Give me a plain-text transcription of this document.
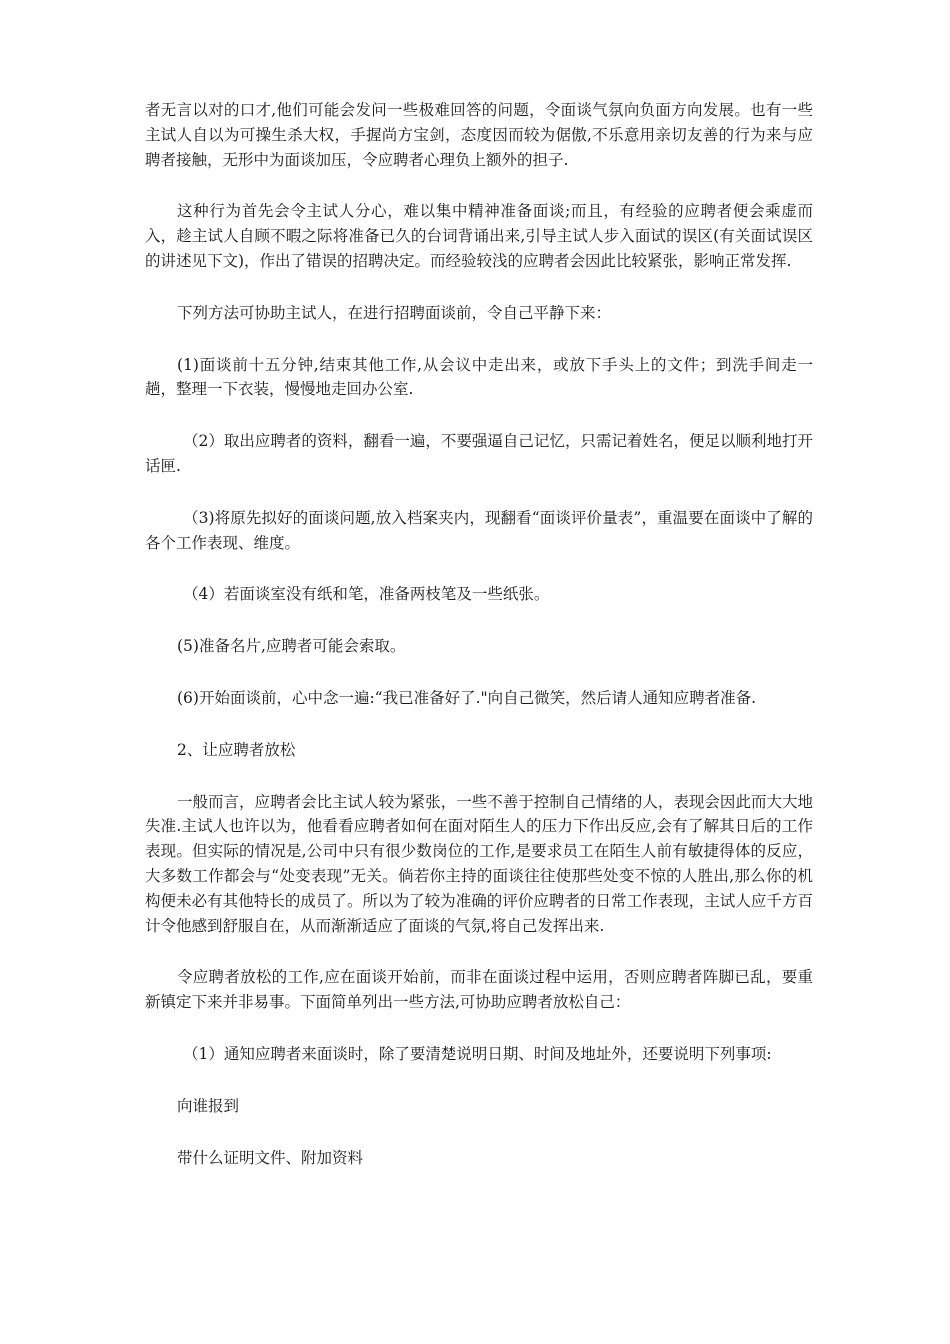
者无言以对的口才,他们可能会发问一些极难回答的问题，令面谈气氛向负面方向发展。也有一些主试人自以为可操生杀大权，手握尚方宝剑，态度因而较为倨傲,不乐意用亲切友善的行为来与应聘者接触，无形中为面谈加压，令应聘者心理负上额外的担子.

这种行为首先会令主试人分心，难以集中精神准备面谈;而且，有经验的应聘者便会乘虚而入，趁主试人自顾不暇之际将准备已久的台词背诵出来,引导主试人步入面试的误区(有关面试误区的讲述见下文)，作出了错误的招聘决定。而经验较浅的应聘者会因此比较紧张，影响正常发挥.

下列方法可协助主试人，在进行招聘面谈前，令自己平静下来：

(1)面谈前十五分钟,结束其他工作,从会议中走出来，或放下手头上的文件；到洗手间走一趟，整理一下衣装，慢慢地走回办公室.

（2）取出应聘者的资料，翻看一遍，不要强逼自己记忆，只需记着姓名，便足以顺利地打开话匣.

（3)将原先拟好的面谈问题,放入档案夹内，现翻看“面谈评价量表”，重温要在面谈中了解的各个工作表现、维度。

（4）若面谈室没有纸和笔，准备两枝笔及一些纸张。

(5)准备名片,应聘者可能会索取。

(6)开始面谈前，心中念一遍:“我已准备好了."向自己微笑，然后请人通知应聘者准备.

2、让应聘者放松

一般而言，应聘者会比主试人较为紧张，一些不善于控制自己情绪的人，表现会因此而大大地失准.主试人也许以为，他看看应聘者如何在面对陌生人的压力下作出反应,会有了解其日后的工作表现。但实际的情况是,公司中只有很少数岗位的工作,是要求员工在陌生人前有敏捷得体的反应，大多数工作都会与“处变表现”无关。倘若你主持的面谈往往使那些处变不惊的人胜出,那么你的机构便未必有其他特长的成员了。所以为了较为准确的评价应聘者的日常工作表现，主试人应千方百计令他感到舒服自在，从而渐渐适应了面谈的气氛,将自己发挥出来.

令应聘者放松的工作,应在面谈开始前，而非在面谈过程中运用，否则应聘者阵脚已乱，要重新镇定下来并非易事。下面简单列出一些方法,可协助应聘者放松自己：

（1）通知应聘者来面谈时，除了要清楚说明日期、时间及地址外，还要说明下列事项:

向谁报到

带什么证明文件、附加资料
